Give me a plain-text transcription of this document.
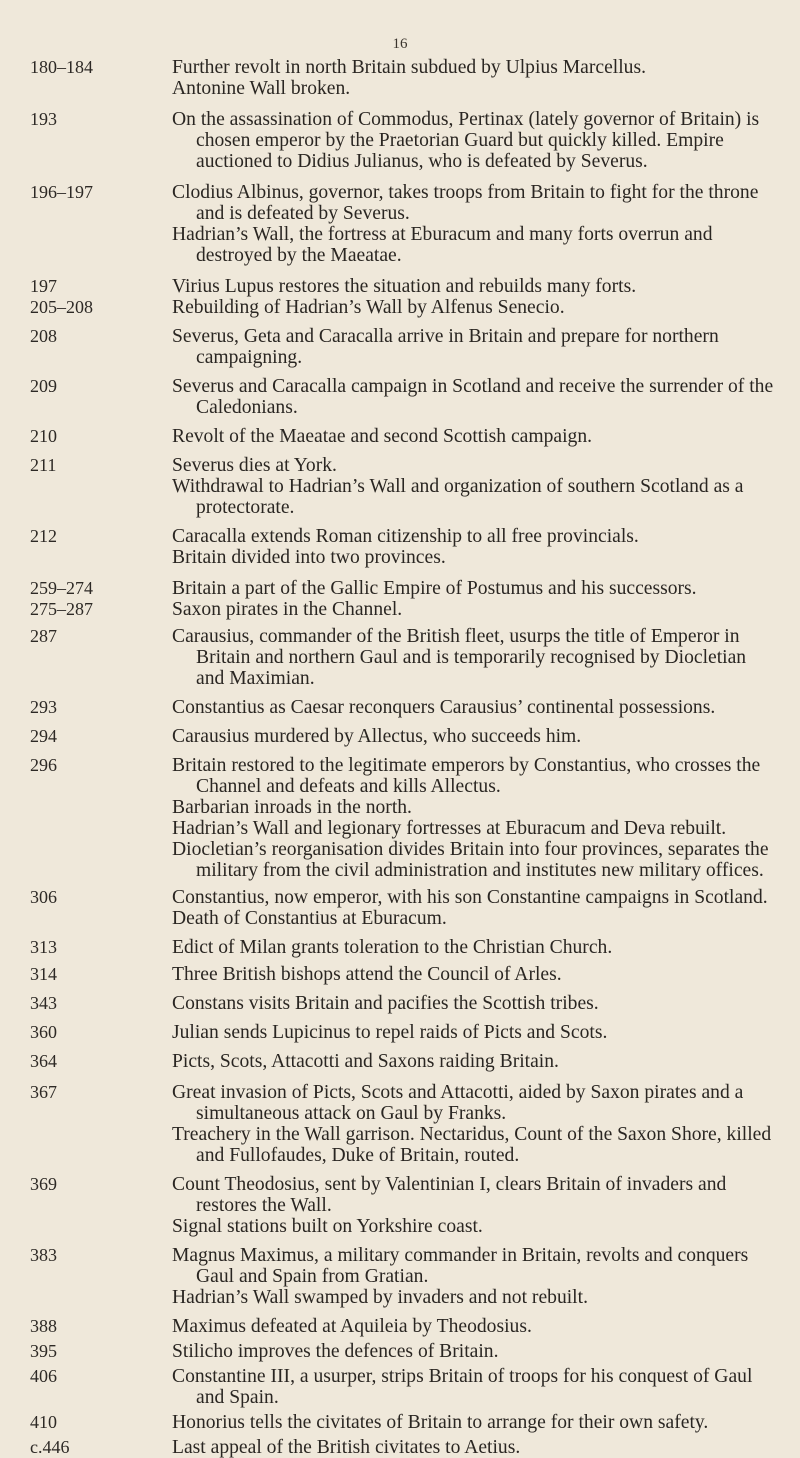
16
180–184	Further revolt in north Britain subdued by Ulpius Marcellus.
Antonine Wall broken.
193	On the assassination of Commodus, Pertinax (lately governor of Britain) is chosen emperor by the Praetorian Guard but quickly killed. Empire auctioned to Didius Julianus, who is defeated by Severus.
196–197	Clodius Albinus, governor, takes troops from Britain to fight for the throne and is defeated by Severus.
Hadrian’s Wall, the fortress at Eburacum and many forts overrun and destroyed by the Maeatae.
197	Virius Lupus restores the situation and rebuilds many forts.
205–208	Rebuilding of Hadrian’s Wall by Alfenus Senecio.
208	Severus, Geta and Caracalla arrive in Britain and prepare for northern campaigning.
209	Severus and Caracalla campaign in Scotland and receive the surrender of the Caledonians.
210	Revolt of the Maeatae and second Scottish campaign.
211	Severus dies at York.
Withdrawal to Hadrian’s Wall and organization of southern Scotland as a protectorate.
212	Caracalla extends Roman citizenship to all free provincials.
Britain divided into two provinces.
259–274	Britain a part of the Gallic Empire of Postumus and his successors.
275–287	Saxon pirates in the Channel.
287	Carausius, commander of the British fleet, usurps the title of Emperor in Britain and northern Gaul and is temporarily recognised by Diocletian and Maximian.
293	Constantius as Caesar reconquers Carausius’ continental possessions.
294	Carausius murdered by Allectus, who succeeds him.
296	Britain restored to the legitimate emperors by Constantius, who crosses the Channel and defeats and kills Allectus.
Barbarian inroads in the north.
Hadrian’s Wall and legionary fortresses at Eburacum and Deva rebuilt.
Diocletian’s reorganisation divides Britain into four provinces, separates the military from the civil administration and institutes new military offices.
306	Constantius, now emperor, with his son Constantine campaigns in Scotland.
Death of Constantius at Eburacum.
313	Edict of Milan grants toleration to the Christian Church.
314	Three British bishops attend the Council of Arles.
343	Constans visits Britain and pacifies the Scottish tribes.
360	Julian sends Lupicinus to repel raids of Picts and Scots.
364	Picts, Scots, Attacotti and Saxons raiding Britain.
367	Great invasion of Picts, Scots and Attacotti, aided by Saxon pirates and a simultaneous attack on Gaul by Franks.
Treachery in the Wall garrison. Nectaridus, Count of the Saxon Shore, killed and Fullofaudes, Duke of Britain, routed.
369	Count Theodosius, sent by Valentinian I, clears Britain of invaders and restores the Wall.
Signal stations built on Yorkshire coast.
383	Magnus Maximus, a military commander in Britain, revolts and conquers Gaul and Spain from Gratian.
Hadrian’s Wall swamped by invaders and not rebuilt.
388	Maximus defeated at Aquileia by Theodosius.
395	Stilicho improves the defences of Britain.
406	Constantine III, a usurper, strips Britain of troops for his conquest of Gaul and Spain.
410	Honorius tells the civitates of Britain to arrange for their own safety.
c.446	Last appeal of the British civitates to Aetius.
